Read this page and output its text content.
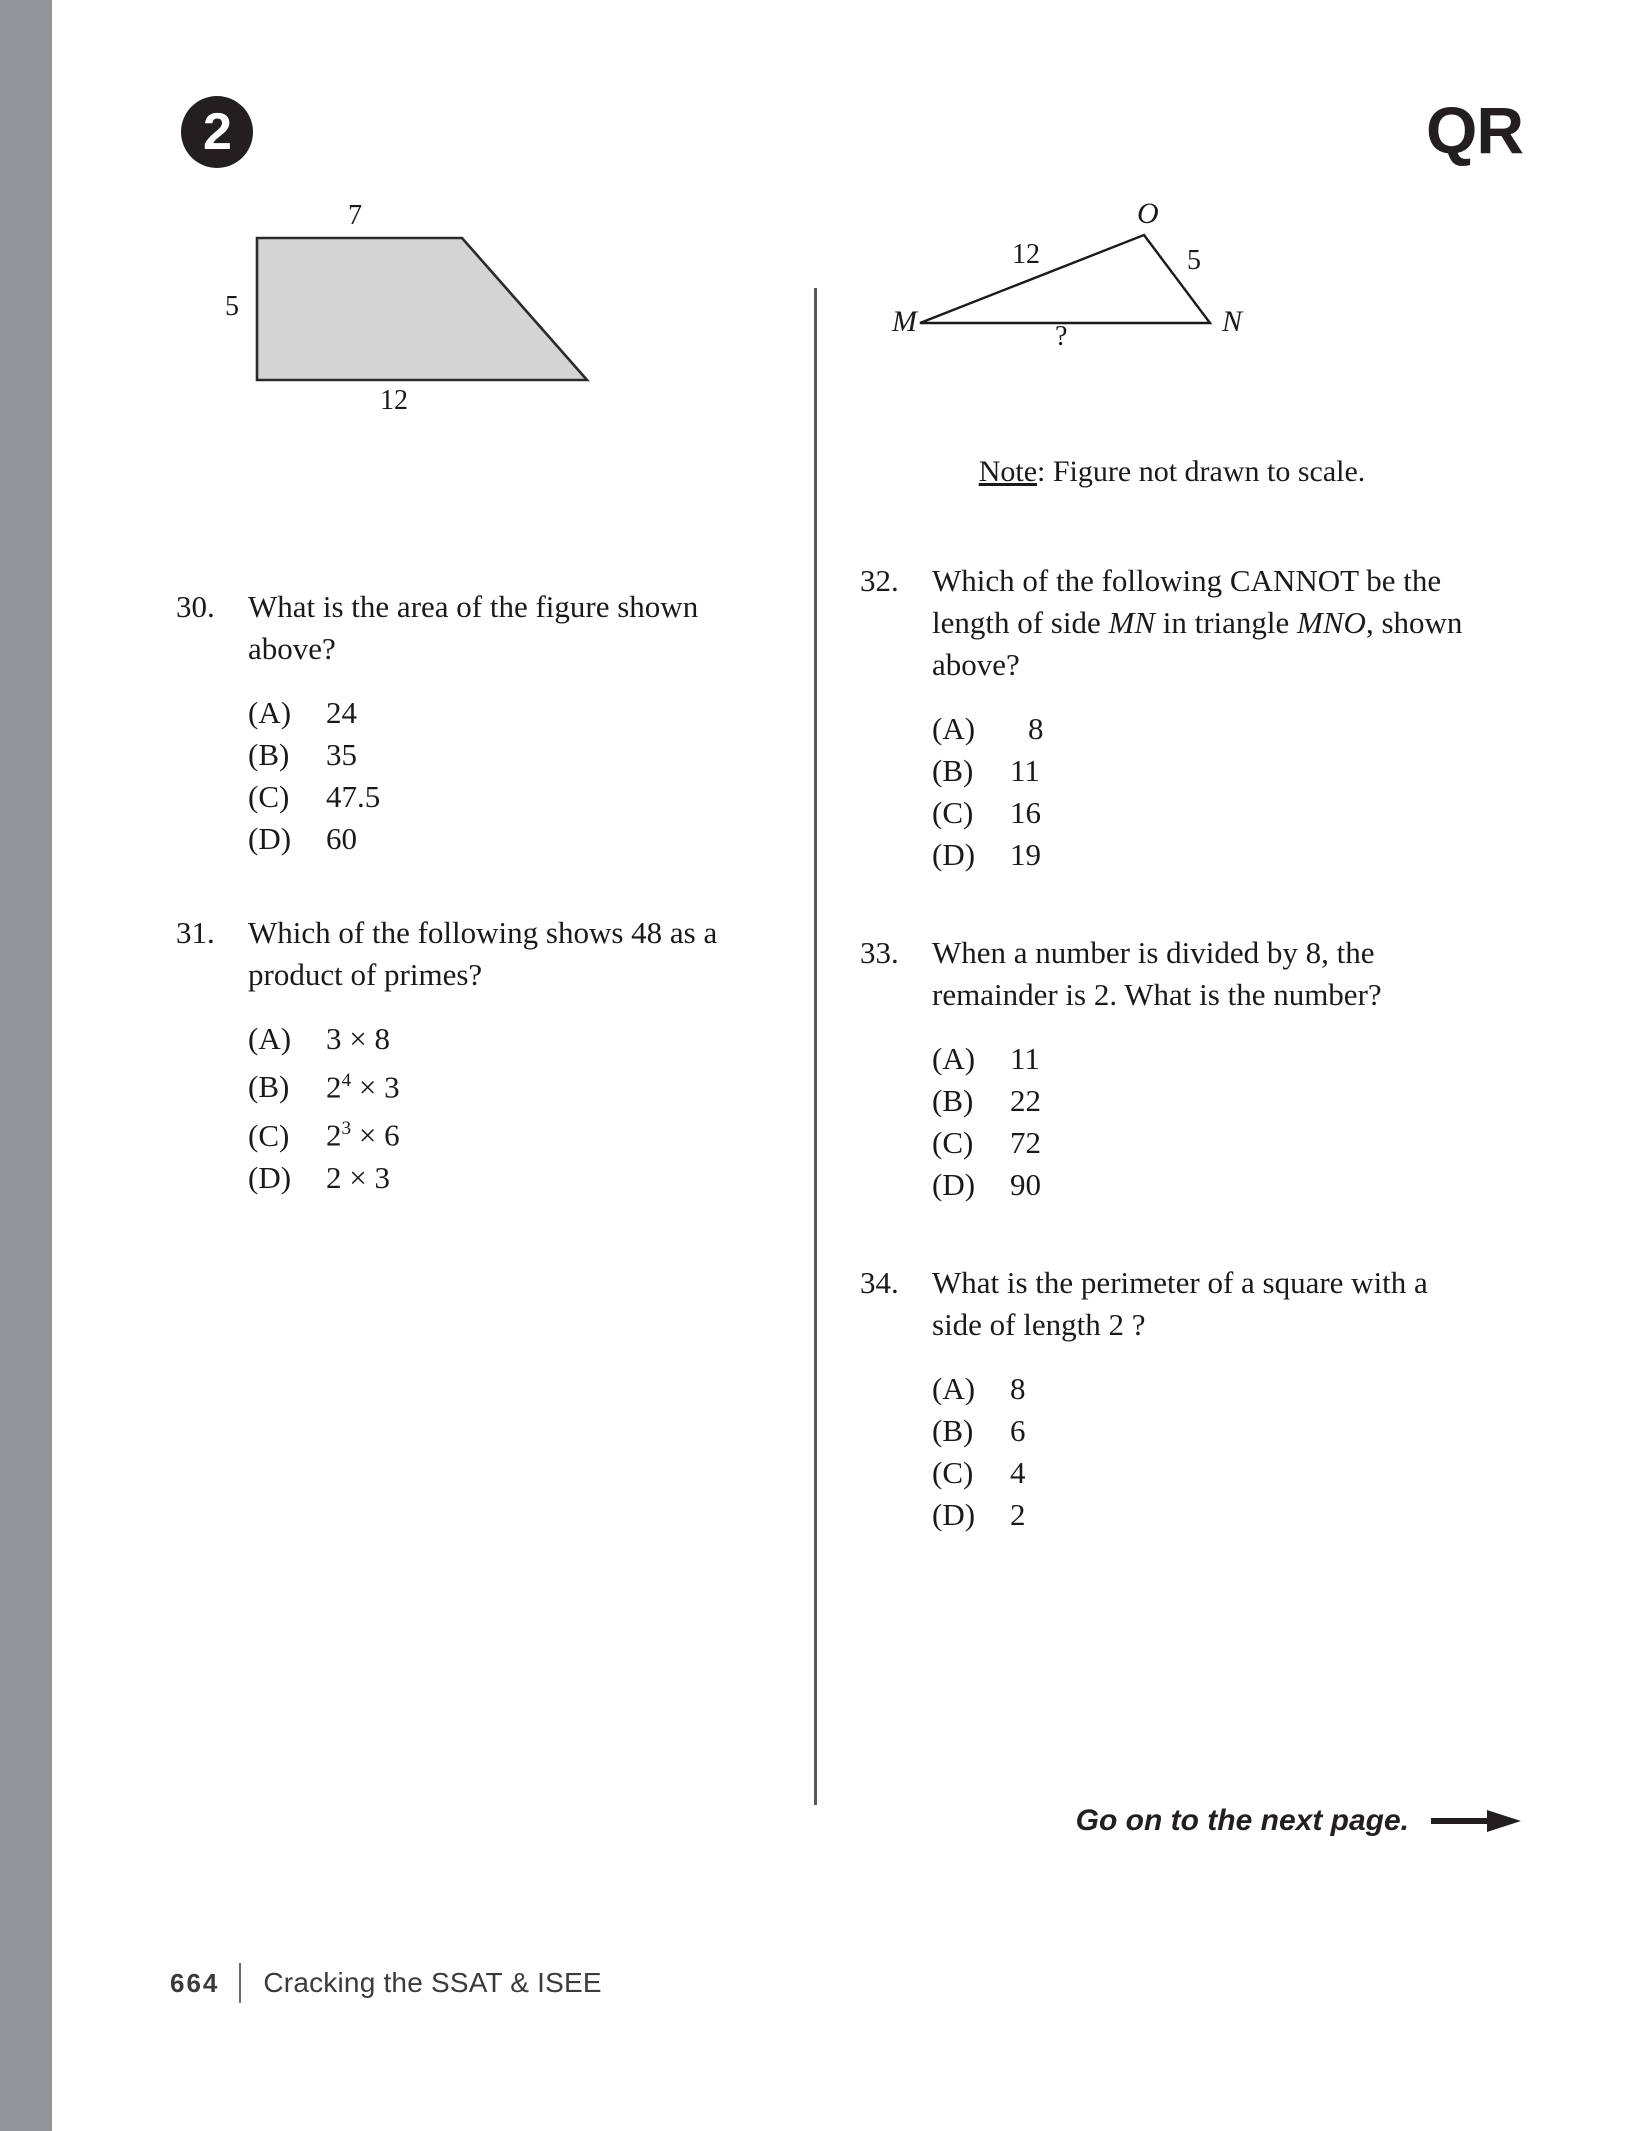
2	QR
7
5
12
M	N
O
12	5
?
Note: Figure not drawn to scale.
30.	What is the area of the figure shown above?
(A)	24
(B)	35
(C)	47.5
(D)	60
31.	Which of the following shows 48 as a product of primes?
(A)	3 × 8
(B)	$2^4 \times 3$
(C)	$2^3 \times 6$
(D)	2 × 3
32.	Which of the following CANNOT be the length of side MN in triangle MNO, shown above?
(A)	8
(B)	11
(C)	16
(D)	19
33.	When a number is divided by 8, the remainder is 2. What is the number?
(A)	11
(B)	22
(C)	72
(D)	90
34.	What is the perimeter of a square with a side of length 2 ?
(A)	8
(B)	6
(C)	4
(D)	2
Go on to the next page.
664 Cracking the SSAT & ISEE
